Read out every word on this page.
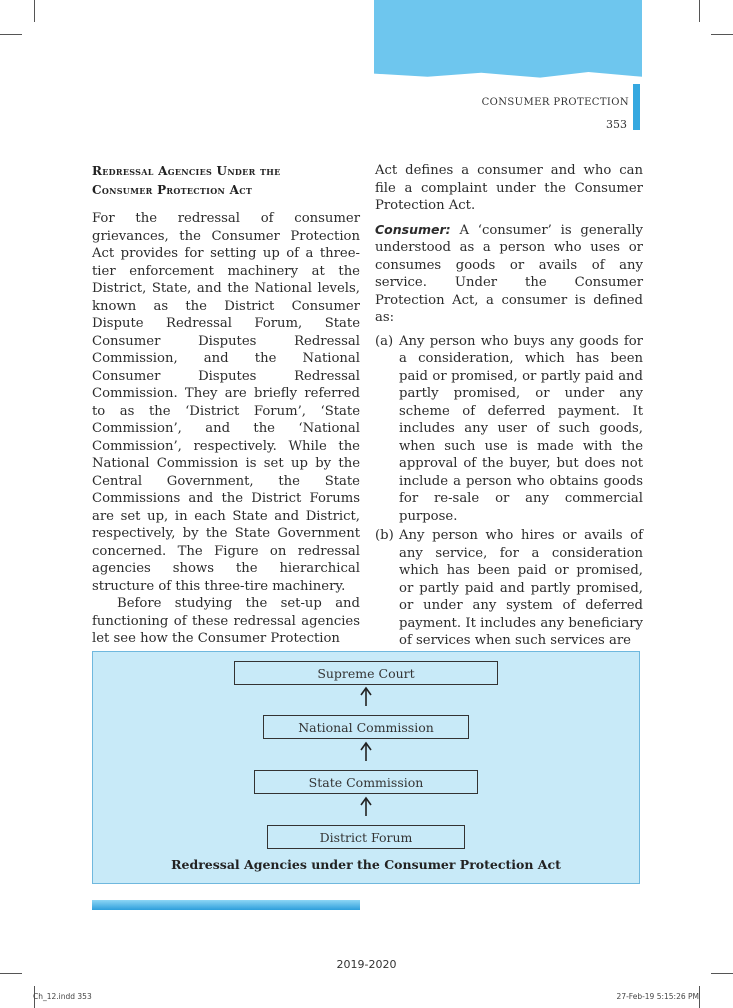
CONSUMER PROTECTION
353
Redressal Agencies Under the
Consumer Protection Act

For the redressal of consumer grievances, the Consumer Protection Act provides for setting up of a three-tier enforcement machinery at the District, State, and the National levels, known as the District Consumer Dispute Redressal Forum, State Consumer Disputes Redressal Commission, and the National Consumer Disputes Redressal Commission. They are briefly referred to as the ‘District Forum’, ‘State Commission’, and the ‘National Commission’, respectively. While the National Commission is set up by the Central Government, the State Commissions and the District Forums are set up, in each State and District, respectively, by the State Government concerned. The Figure on redressal agencies shows the hierarchical structure of this three-tire machinery.

Before studying the set-up and functioning of these redressal agencies let see how the Consumer Protection

Act defines a consumer and who can file a complaint under the Consumer Protection Act.

Consumer: A ‘consumer’ is generally understood as a person who uses or consumes goods or avails of any service. Under the Consumer Protection Act, a consumer is defined as:

(a) Any person who buys any goods for a consideration, which has been paid or promised, or partly paid and partly promised, or under any scheme of deferred payment. It includes any user of such goods, when such use is made with the approval of the buyer, but does not include a person who obtains goods for re-sale or any commercial purpose.
(b) Any person who hires or avails of any service, for a consideration which has been paid or promised, or partly paid and partly promised, or under any system of deferred payment. It includes any beneficiary of services when such services are
Supreme Court
National Commission
State Commission
District Forum
Redressal Agencies under the Consumer Protection Act
2019-2020
Ch_12.indd 353	27-Feb-19 5:15:26 PM
